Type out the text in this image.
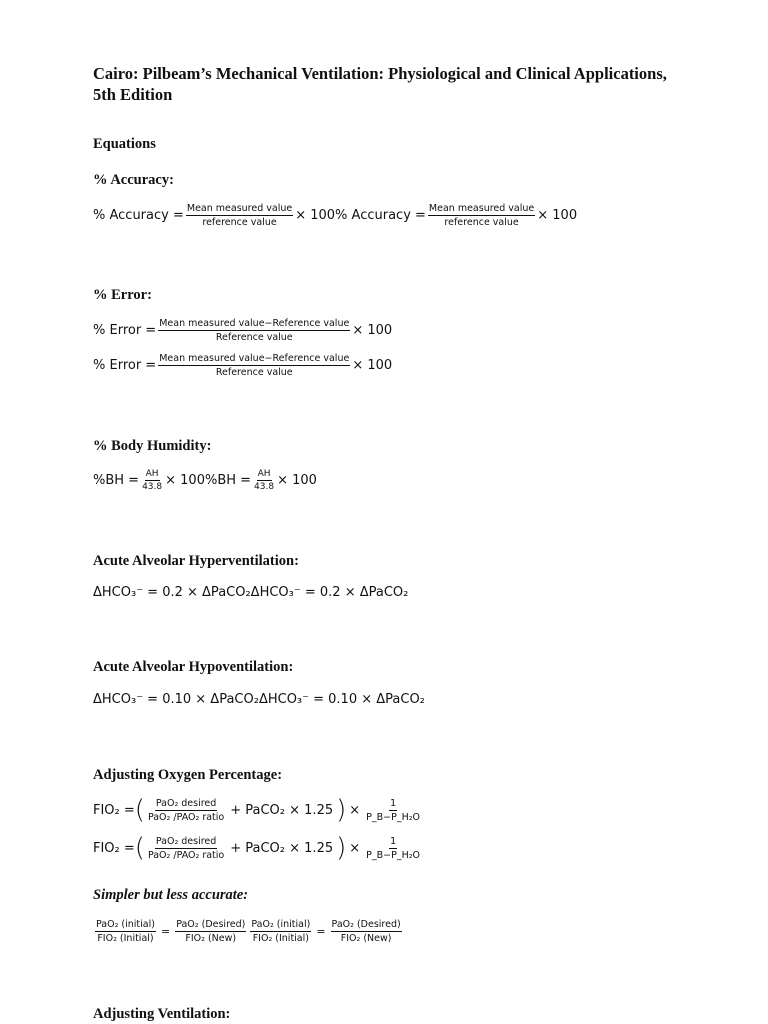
Cairo: Pilbeam’s Mechanical Ventilation: Physiological and Clinical Applications, 5th Edition
Equations
% Accuracy:
% Accuracy = $\frac{\text{Mean measured value}}{\text{reference value}} \times 100\%$ Accuracy = $\frac{\text{Mean measured value}}{\text{reference value}} \times 100$
% Error:
% Error = $\frac{\text{Mean measured value−Reference value}}{\text{Reference value}} \times 100$
% Error = $\frac{\text{Mean measured value−Reference value}}{\text{Reference value}} \times 100$
% Body Humidity:
$\%BH = \frac{AH}{43.8} \times 100\%BH = \frac{AH}{43.8} \times 100$
Acute Alveolar Hyperventilation:
ΔHCO₃⁻ = 0.2 × ΔPaCO₂ΔHCO₃⁻ = 0.2 × ΔPaCO₂
Acute Alveolar Hypoventilation:
ΔHCO₃⁻ = 0.10 × ΔPaCO₂ΔHCO₃⁻ = 0.10 × ΔPaCO₂
Adjusting Oxygen Percentage:
FIO₂ = ( $\frac{\text{PaO₂ desired}}{\text{PaO₂ /PAO₂ ratio}}$ + PaCO₂ × 1.25 ) × $\frac{1}{\text{P\_B−P\_H₂O}}$
FIO₂ = ( $\frac{\text{PaO₂ desired}}{\text{PaO₂ /PAO₂ ratio}}$ + PaCO₂ × 1.25 ) × $\frac{1}{\text{P\_B−P\_H₂O}}$
Simpler but less accurate:
$\frac{\text{PaO₂ (initial)}}{\text{FIO₂ (Initial)}} = \frac{\text{PaO₂ (Desired)}}{\text{FIO₂ (New)}} \frac{\text{PaO₂ (initial)}}{\text{FIO₂ (Initial)}} = \frac{\text{PaO₂ (Desired)}}{\text{FIO₂ (New)}}$
Adjusting Ventilation:
